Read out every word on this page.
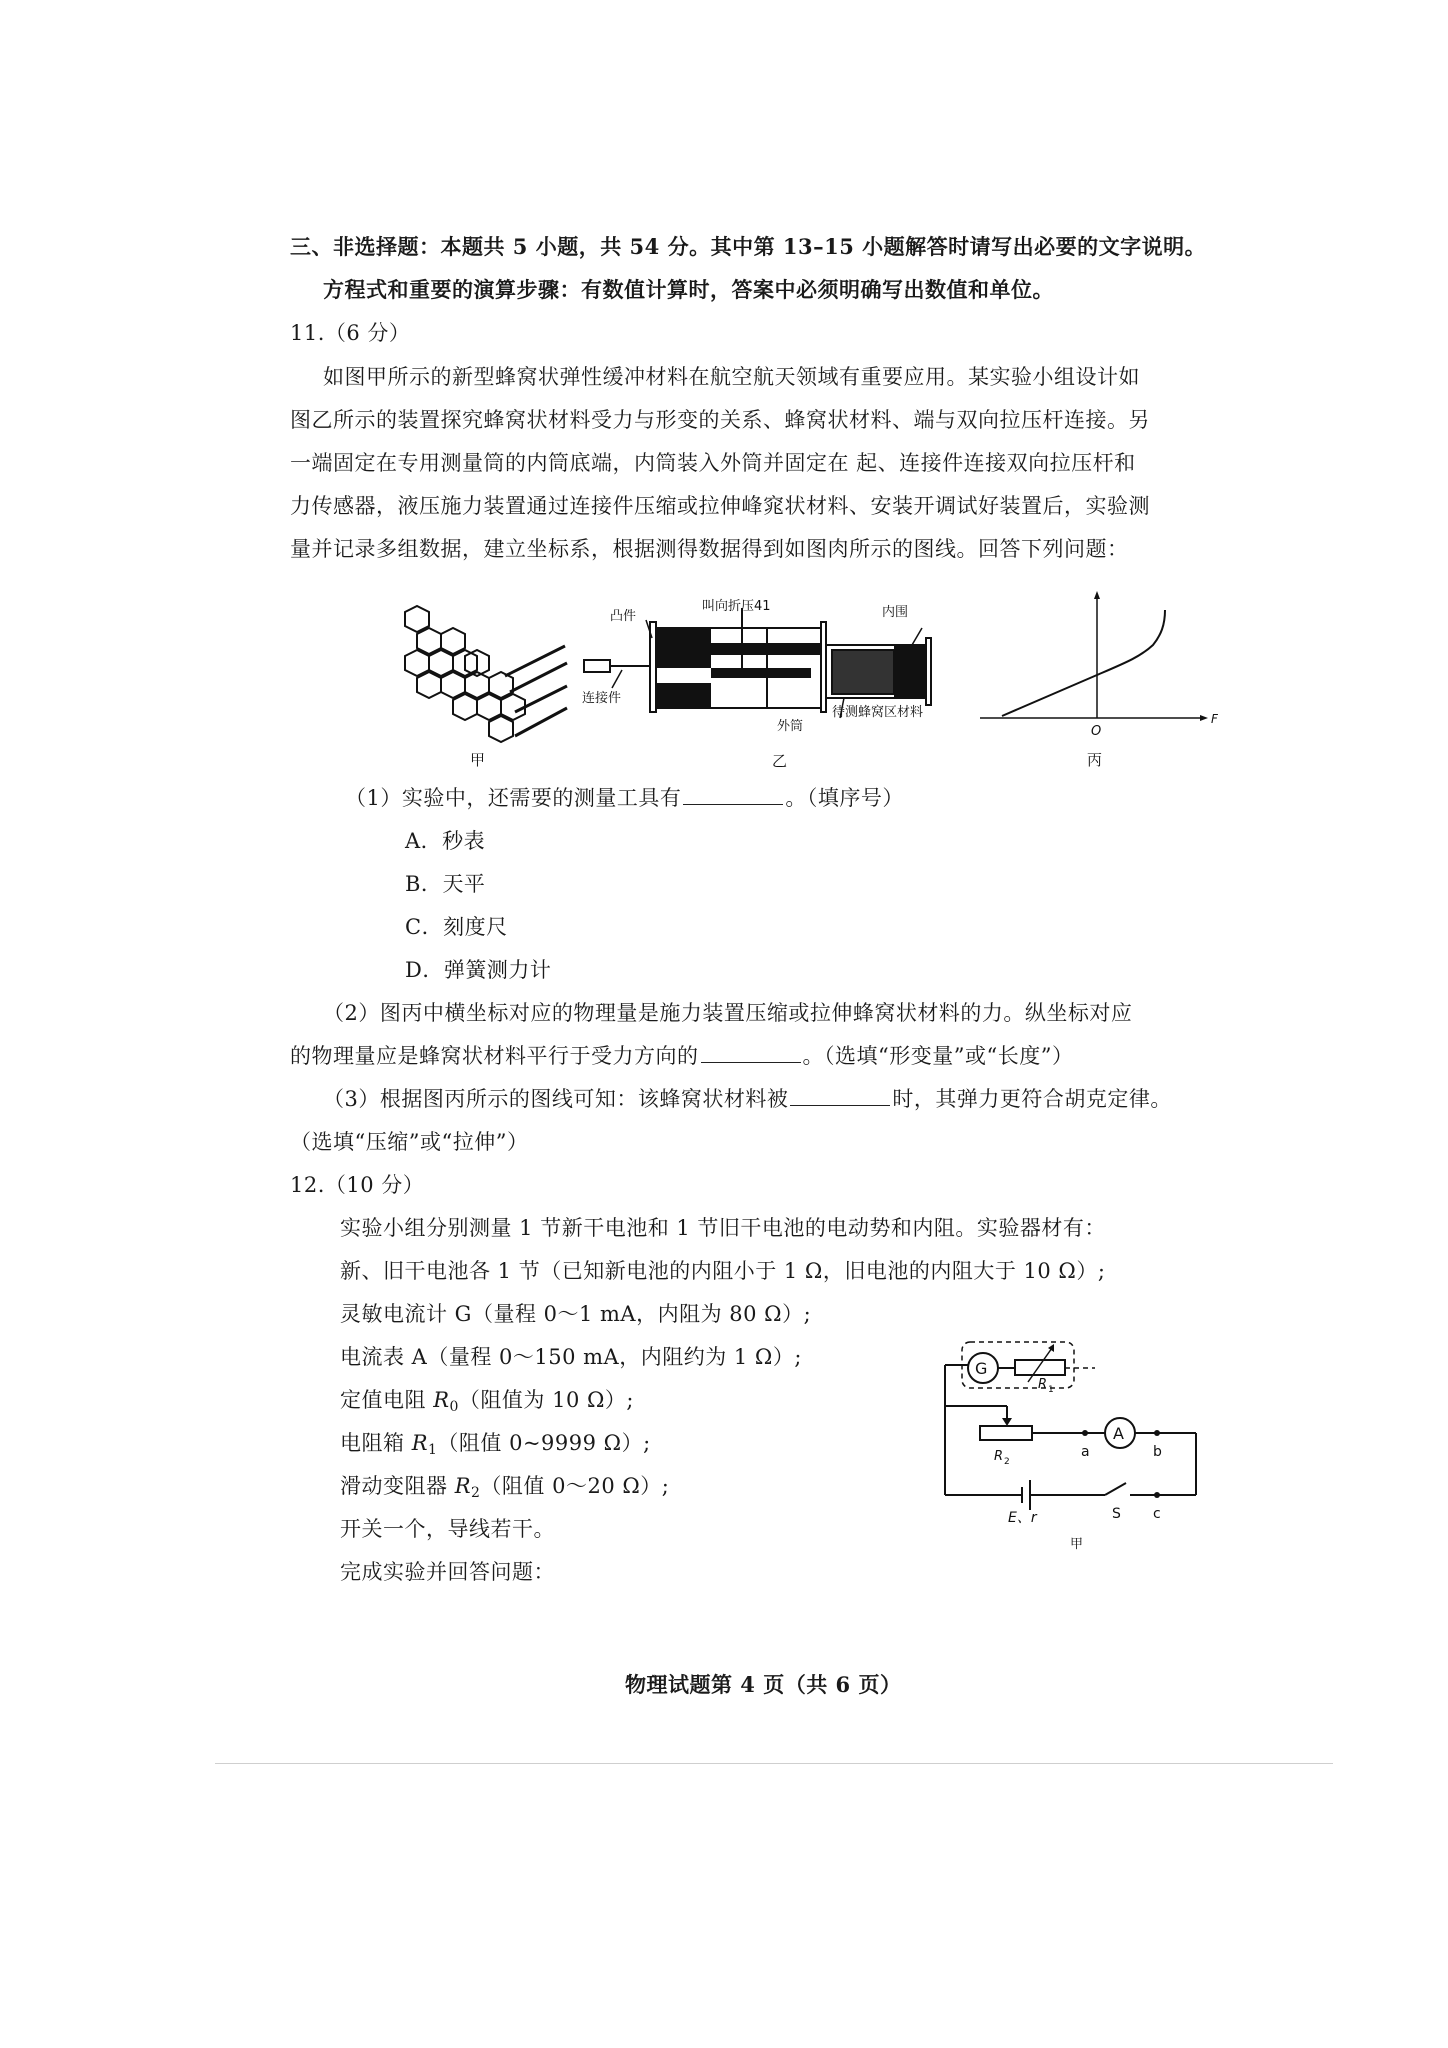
三、非选择题：本题共 5 小题，共 54 分。其中第 13–15 小题解答时请写出必要的文字说明。
方程式和重要的演算步骤：有数值计算时，答案中必须明确写出数值和单位。
11.（6 分）
如图甲所示的新型蜂窝状弹性缓冲材料在航空航天领域有重要应用。某实验小组设计如
图乙所示的装置探究蜂窝状材料受力与形变的关系、蜂窝状材料、端与双向拉压杆连接。另
一端固定在专用测量筒的内筒底端，内筒装入外筒并固定在 起、连接件连接双向拉压杆和
力传感器，液压施力装置通过连接件压缩或拉伸峰窕状材料、安装开调试好装置后，实验测
量并记录多组数据，建立坐标系，根据测得数据得到如图肉所示的图线。回答下列问题：
甲
凸件
连接件
叫向折压41	内围
外筒
待测蜂窝区材料
乙
O
F
丙
（1）实验中，还需要的测量工具有	。（填序号）
A．秒表
B．天平
C．刻度尺
D．弹簧测力计
（2）图丙中横坐标对应的物理量是施力装置压缩或拉伸蜂窝状材料的力。纵坐标对应
的物理量应是蜂窝状材料平行于受力方向的	。（选填“形变量”或“长度”）
（3）根据图丙所示的图线可知：该蜂窝状材料被	时，其弹力更符合胡克定律。
（选填“压缩”或“拉伸”）
12.（10 分）
实验小组分别测量 1 节新干电池和 1 节旧干电池的电动势和内阻。实验器材有：
新、旧干电池各 1 节（已知新电池的内阻小于 1 Ω，旧电池的内阻大于 10 Ω）;
灵敏电流计 G（量程 0～1 mA，内阻为 80 Ω）;
电流表 A（量程 0～150 mA，内阻约为 1 Ω）;
定值电阻 $R_0$（阻值为 10 Ω）;
电阻箱 $R_1$（阻值 0~9999 Ω）;
滑动变阻器 $R_2$（阻值 0～20 Ω）;
开关一个，导线若干。
完成实验并回答问题：
G
R 1
R 2
a
A
b
c
S
E、r
甲
物理试题第 4 页（共 6 页）
